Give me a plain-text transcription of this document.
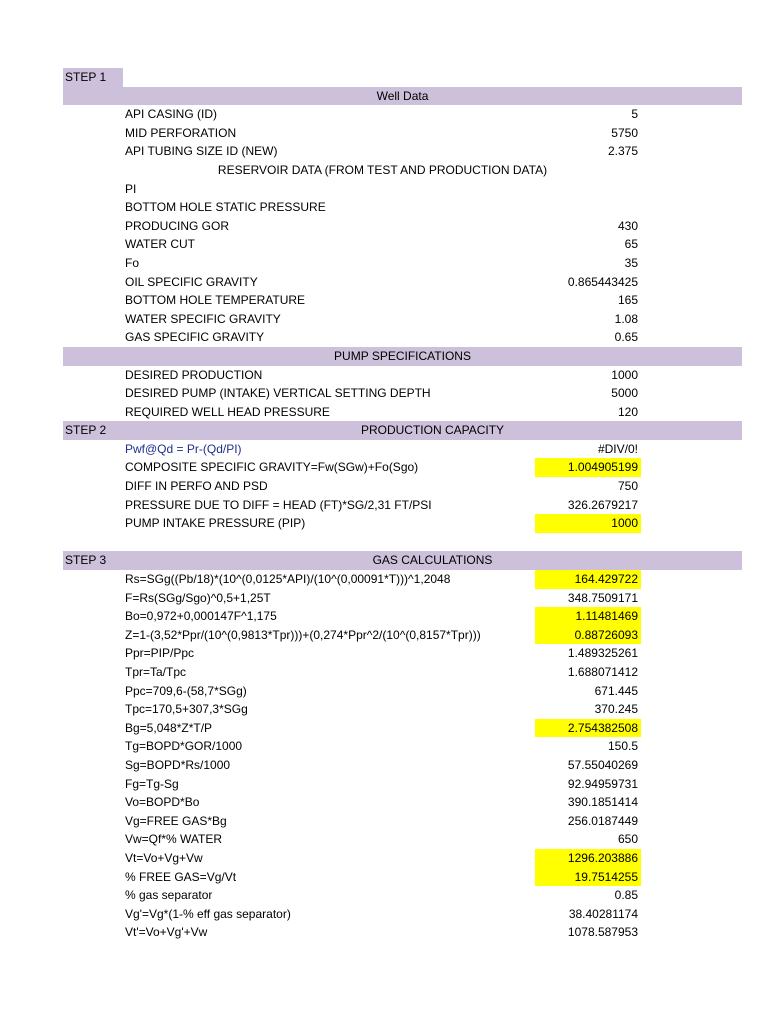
STEP 1
Well Data
API CASING (ID)	5
MID PERFORATION	5750
API TUBING SIZE ID (NEW)	2.375
RESERVOIR DATA (FROM TEST AND PRODUCTION DATA)
PI
BOTTOM HOLE STATIC PRESSURE
PRODUCING GOR	430
WATER CUT	65
Fo	35
OIL SPECIFIC GRAVITY	0.865443425
BOTTOM HOLE TEMPERATURE	165
WATER SPECIFIC GRAVITY	1.08
GAS SPECIFIC GRAVITY	0.65
PUMP SPECIFICATIONS
DESIRED PRODUCTION	1000
DESIRED PUMP (INTAKE) VERTICAL SETTING DEPTH	5000
REQUIRED WELL HEAD PRESSURE	120
STEP 2	PRODUCTION CAPACITY
Pwf@Qd = Pr-(Qd/PI)	#DIV/0!
COMPOSITE SPECIFIC GRAVITY=Fw(SGw)+Fo(Sgo)	1.004905199
DIFF IN PERFO AND PSD	750
PRESSURE DUE TO DIFF = HEAD (FT)*SG/2,31 FT/PSI	326.2679217
PUMP INTAKE PRESSURE (PIP)	1000
STEP 3	GAS CALCULATIONS
Rs=SGg((Pb/18)*(10^(0,0125*API)/(10^(0,00091*T)))^1,2048	164.429722
F=Rs(SGg/Sgo)^0,5+1,25T	348.7509171
Bo=0,972+0,000147F^1,175	1.11481469
Z=1-(3,52*Ppr/(10^(0,9813*Tpr)))+(0,274*Ppr^2/(10^(0,8157*Tpr)))	0.88726093
Ppr=PIP/Ppc	1.489325261
Tpr=Ta/Tpc	1.688071412
Ppc=709,6-(58,7*SGg)	671.445
Tpc=170,5+307,3*SGg	370.245
Bg=5,048*Z*T/P	2.754382508
Tg=BOPD*GOR/1000	150.5
Sg=BOPD*Rs/1000	57.55040269
Fg=Tg-Sg	92.94959731
Vo=BOPD*Bo	390.1851414
Vg=FREE GAS*Bg	256.0187449
Vw=Qf*% WATER	650
Vt=Vo+Vg+Vw	1296.203886
% FREE GAS=Vg/Vt	19.7514255
% gas separator	0.85
Vg'=Vg*(1-% eff gas separator)	38.40281174
Vt'=Vo+Vg'+Vw	1078.587953
